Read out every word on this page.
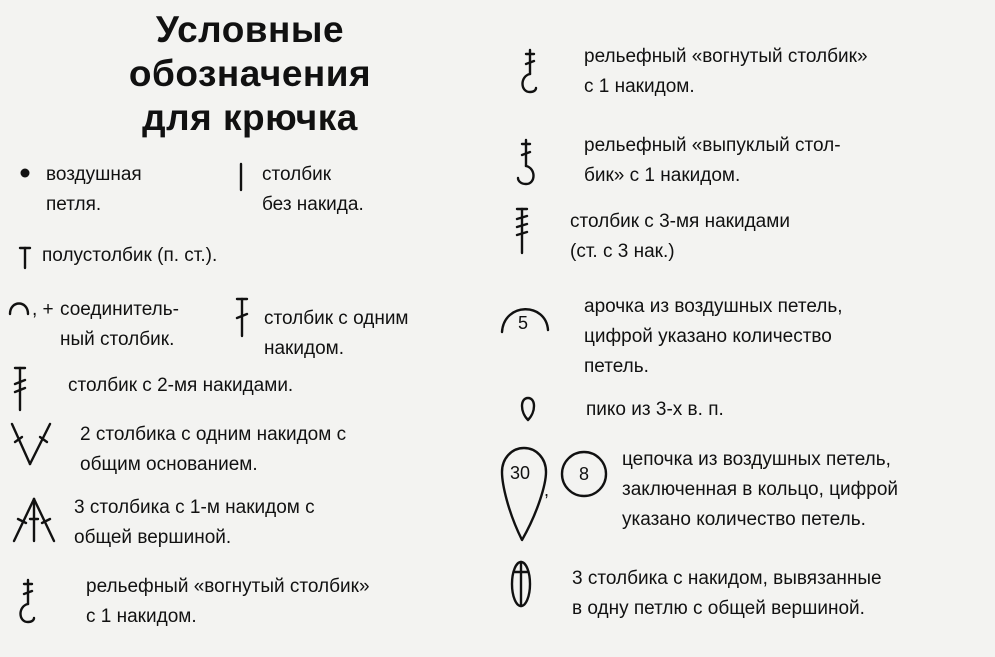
Условные
обозначения
для крючка
воздушная
петля.
столбик
без накида.
полустолбик (п. ст.).
, + соединитель-
ный столбик.
столбик с одним
накидом.
столбик с 2-мя накидами.
2 столбика с одним накидом с
общим основанием.
3 столбика с 1-м накидом с
общей вершиной.
рельефный «вогнутый столбик»
с 1 накидом.
рельефный «вогнутый столбик»
с 1 накидом.
рельефный «выпуклый стол-
бик» с 1 накидом.
столбик с 3-мя накидами
(ст. с 3 нак.)
5
арочка из воздушных петель,
цифрой указано количество
петель.
пико из 3-х в. п.
30
,
8
цепочка из воздушных петель,
заключенная в кольцо, цифрой
указано количество петель.
3 столбика с накидом, вывязанные
в одну петлю с общей вершиной.
